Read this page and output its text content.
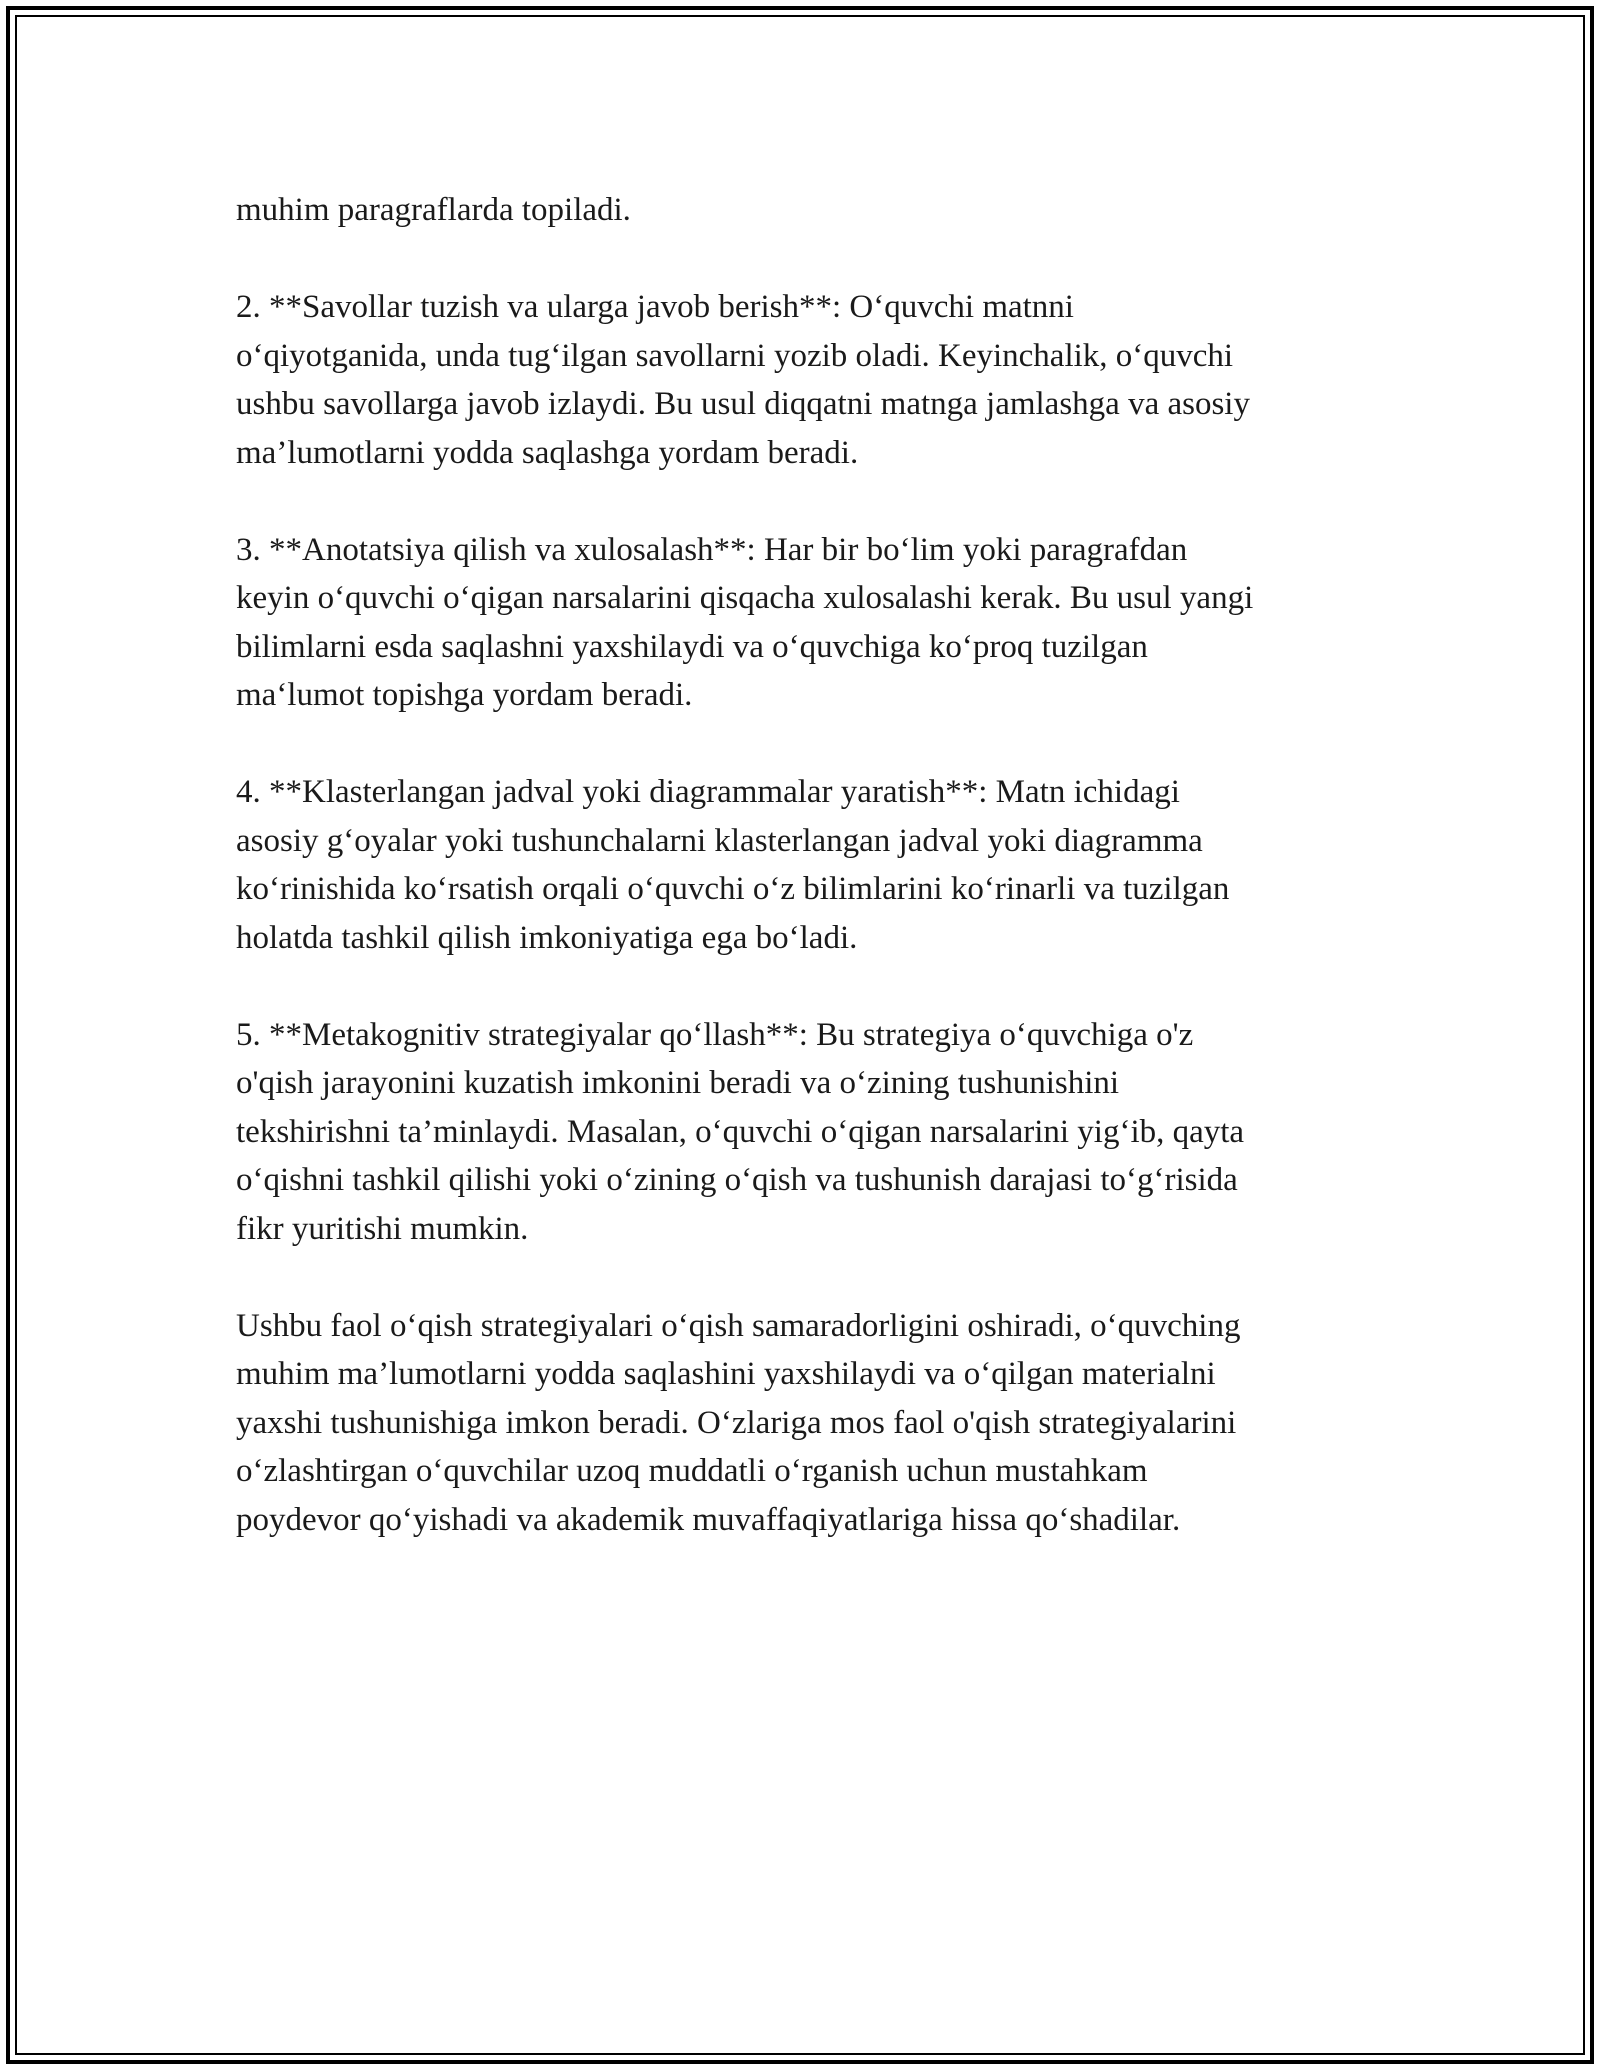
muhim paragraflarda topiladi.

2. **Savollar tuzish va ularga javob berish**: O‘quvchi matnni
o‘qiyotganida, unda tug‘ilgan savollarni yozib oladi. Keyinchalik, o‘quvchi
ushbu savollarga javob izlaydi. Bu usul diqqatni matnga jamlashga va asosiy
ma’lumotlarni yodda saqlashga yordam beradi.

3. **Anotatsiya qilish va xulosalash**: Har bir bo‘lim yoki paragrafdan
keyin o‘quvchi o‘qigan narsalarini qisqacha xulosalashi kerak. Bu usul yangi
bilimlarni esda saqlashni yaxshilaydi va o‘quvchiga ko‘proq tuzilgan
ma‘lumot topishga yordam beradi.

4. **Klasterlangan jadval yoki diagrammalar yaratish**: Matn ichidagi
asosiy g‘oyalar yoki tushunchalarni klasterlangan jadval yoki diagramma
ko‘rinishida ko‘rsatish orqali o‘quvchi o‘z bilimlarini ko‘rinarli va tuzilgan
holatda tashkil qilish imkoniyatiga ega bo‘ladi.

5. **Metakognitiv strategiyalar qo‘llash**: Bu strategiya o‘quvchiga o'z
o'qish jarayonini kuzatish imkonini beradi va o‘zining tushunishini
tekshirishni ta’minlaydi. Masalan, o‘quvchi o‘qigan narsalarini yig‘ib, qayta
o‘qishni tashkil qilishi yoki o‘zining o‘qish va tushunish darajasi to‘g‘risida
fikr yuritishi mumkin.

Ushbu faol o‘qish strategiyalari o‘qish samaradorligini oshiradi, o‘quvching
muhim ma’lumotlarni yodda saqlashini yaxshilaydi va o‘qilgan materialni
yaxshi tushunishiga imkon beradi. O‘zlariga mos faol o'qish strategiyalarini
o‘zlashtirgan o‘quvchilar uzoq muddatli o‘rganish uchun mustahkam
poydevor qo‘yishadi va akademik muvaffaqiyatlariga hissa qo‘shadilar.
